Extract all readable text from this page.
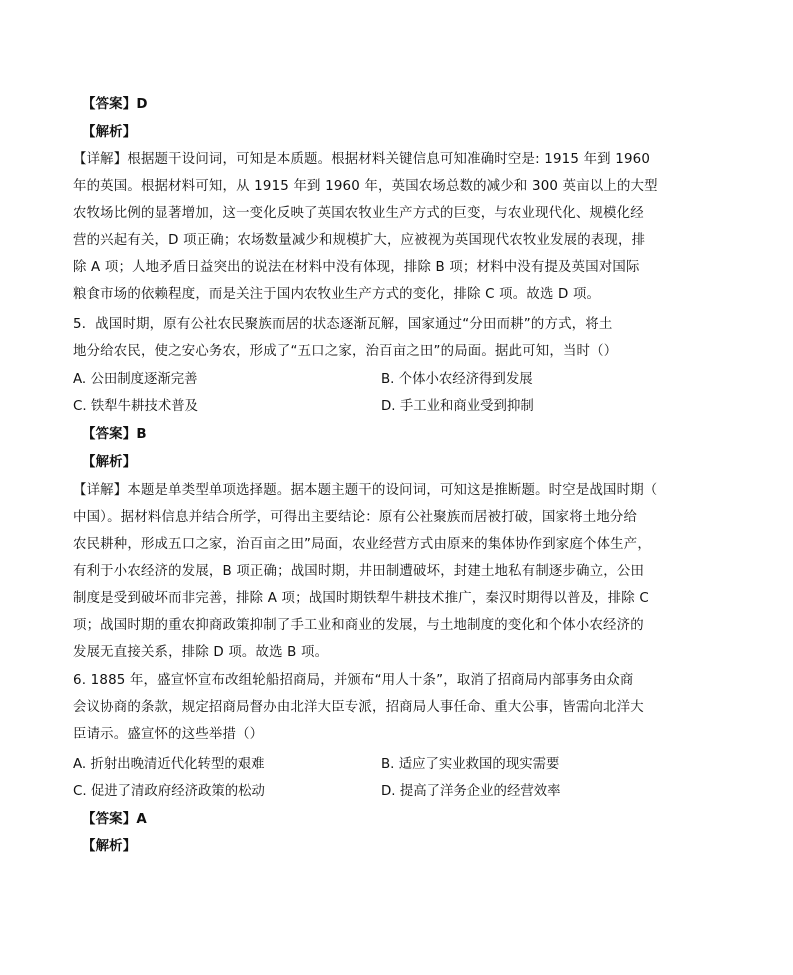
【答案】D
【解析】
【详解】根据题干设问词，可知是本质题。根据材料关键信息可知准确时空是: 1915 年到 1960
年的英国。根据材料可知，从 1915 年到 1960 年，英国农场总数的减少和 300 英亩以上的大型
农牧场比例的显著增加，这一变化反映了英国农牧业生产方式的巨变，与农业现代化、规模化经
营的兴起有关，D 项正确；农场数量减少和规模扩大，应被视为英国现代农牧业发展的表现，排
除 A 项；人地矛盾日益突出的说法在材料中没有体现，排除 B 项；材料中没有提及英国对国际
粮食市场的依赖程度，而是关注于国内农牧业生产方式的变化，排除 C 项。故选 D 项。
5．战国时期，原有公社农民聚族而居的状态逐渐瓦解，国家通过“分田而耕”的方式，将土
地分给农民，使之安心务农，形成了“五口之家，治百亩之田”的局面。据此可知，当时（）
A. 公田制度逐渐完善	B. 个体小农经济得到发展
C. 铁犁牛耕技术普及	D. 手工业和商业受到抑制
【答案】B
【解析】
【详解】本题是单类型单项选择题。据本题主题干的设问词，可知这是推断题。时空是战国时期（
中国）。据材料信息并结合所学，可得出主要结论：原有公社聚族而居被打破，国家将土地分给
农民耕种，形成五口之家，治百亩之田”局面，农业经营方式由原来的集体协作到家庭个体生产，
有利于小农经济的发展，B 项正确；战国时期，井田制遭破坏，封建土地私有制逐步确立，公田
制度是受到破坏而非完善，排除 A 项；战国时期铁犁牛耕技术推广，秦汉时期得以普及，排除 C
项；战国时期的重农抑商政策抑制了手工业和商业的发展，与土地制度的变化和个体小农经济的
发展无直接关系，排除 D 项。故选 B 项。
6. 1885 年，盛宣怀宣布改组轮船招商局，并颁布“用人十条”，取消了招商局内部事务由众商
会议协商的条款，规定招商局督办由北洋大臣专派，招商局人事任命、重大公事，皆需向北洋大
臣请示。盛宣怀的这些举措（）
A. 折射出晚清近代化转型的艰难	B. 适应了实业救国的现实需要
C. 促进了清政府经济政策的松动	D. 提高了洋务企业的经营效率
【答案】A
【解析】
